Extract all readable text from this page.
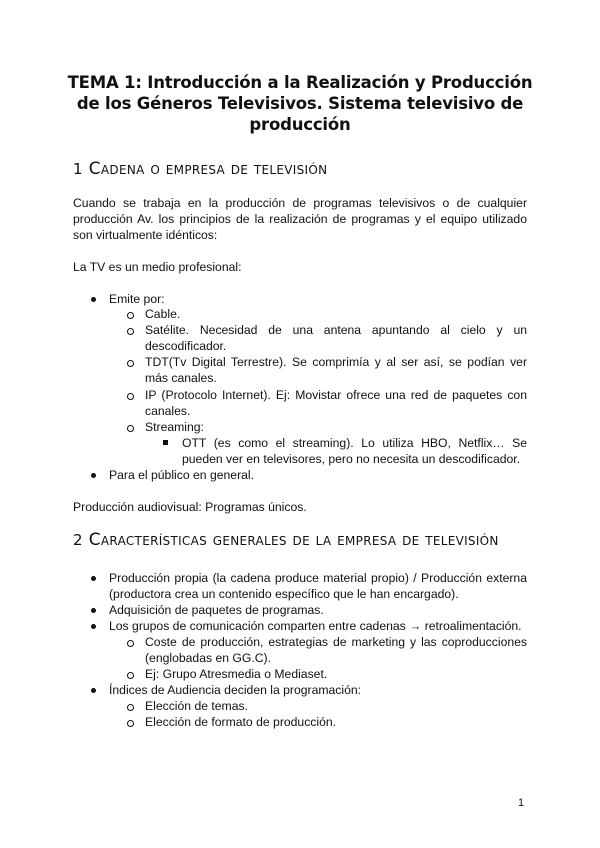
TEMA 1: Introducción a la Realización y Producción de los Géneros Televisivos. Sistema televisivo de producción
1 Cadena o empresa de televisión
Cuando se trabaja en la producción de programas televisivos o de cualquier producción Av. los principios de la realización de programas y el equipo utilizado son virtualmente idénticos:
La TV es un medio profesional:
Emite por:
Cable.
Satélite. Necesidad de una antena apuntando al cielo y un descodificador.
TDT(Tv Digital Terrestre). Se comprimía y al ser así, se podían ver más canales.
IP (Protocolo Internet). Ej: Movistar ofrece una red de paquetes con canales.
Streaming:
OTT (es como el streaming). Lo utiliza HBO, Netflix… Se pueden ver en televisores, pero no necesita un descodificador.
Para el público en general.
Producción audiovisual: Programas únicos.
2 Características generales de la empresa de televisión
Producción propia (la cadena produce material propio) / Producción externa (productora crea un contenido específico que le han encargado).
Adquisición de paquetes de programas.
Los grupos de comunicación comparten entre cadenas → retroalimentación.
Coste de producción, estrategias de marketing y las coproducciones (englobadas en GG.C).
Ej: Grupo Atresmedia o Mediaset.
Índices de Audiencia deciden la programación:
Elección de temas.
Elección de formato de producción.
1
